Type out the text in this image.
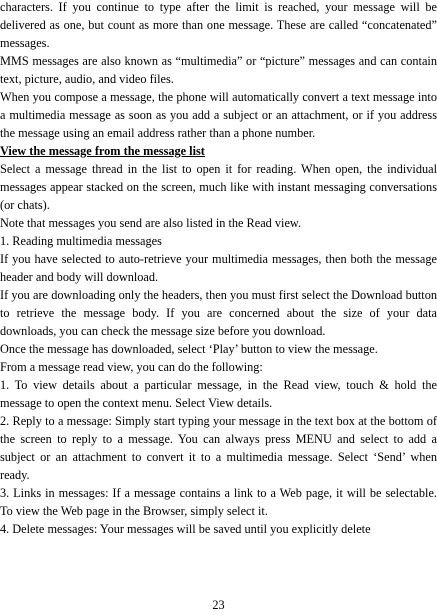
characters. If you continue to type after the limit is reached, your message will be delivered as one, but count as more than one message. These are called “concatenated” messages.

MMS messages are also known as “multimedia” or “picture” messages and can contain text, picture, audio, and video files.

When you compose a message, the phone will automatically convert a text message into a multimedia message as soon as you add a subject or an attachment, or if you address the message using an email address rather than a phone number.

View the message from the message list

Select a message thread in the list to open it for reading. When open, the individual messages appear stacked on the screen, much like with instant messaging conversations (or chats).

Note that messages you send are also listed in the Read view.

1. Reading multimedia messages

If you have selected to auto-retrieve your multimedia messages, then both the message header and body will download.

If you are downloading only the headers, then you must first select the Download button to retrieve the message body. If you are concerned about the size of your data downloads, you can check the message size before you download.

Once the message has downloaded, select ‘Play’ button to view the message.

From a message read view, you can do the following:

1. To view details about a particular message, in the Read view, touch & hold the message to open the context menu. Select View details.

2. Reply to a message: Simply start typing your message in the text box at the bottom of the screen to reply to a message. You can always press MENU and select to add a subject or an attachment to convert it to a multimedia message. Select ‘Send’ when ready.

3. Links in messages: If a message contains a link to a Web page, it will be selectable. To view the Web page in the Browser, simply select it.

4. Delete messages: Your messages will be saved until you explicitly delete

23
